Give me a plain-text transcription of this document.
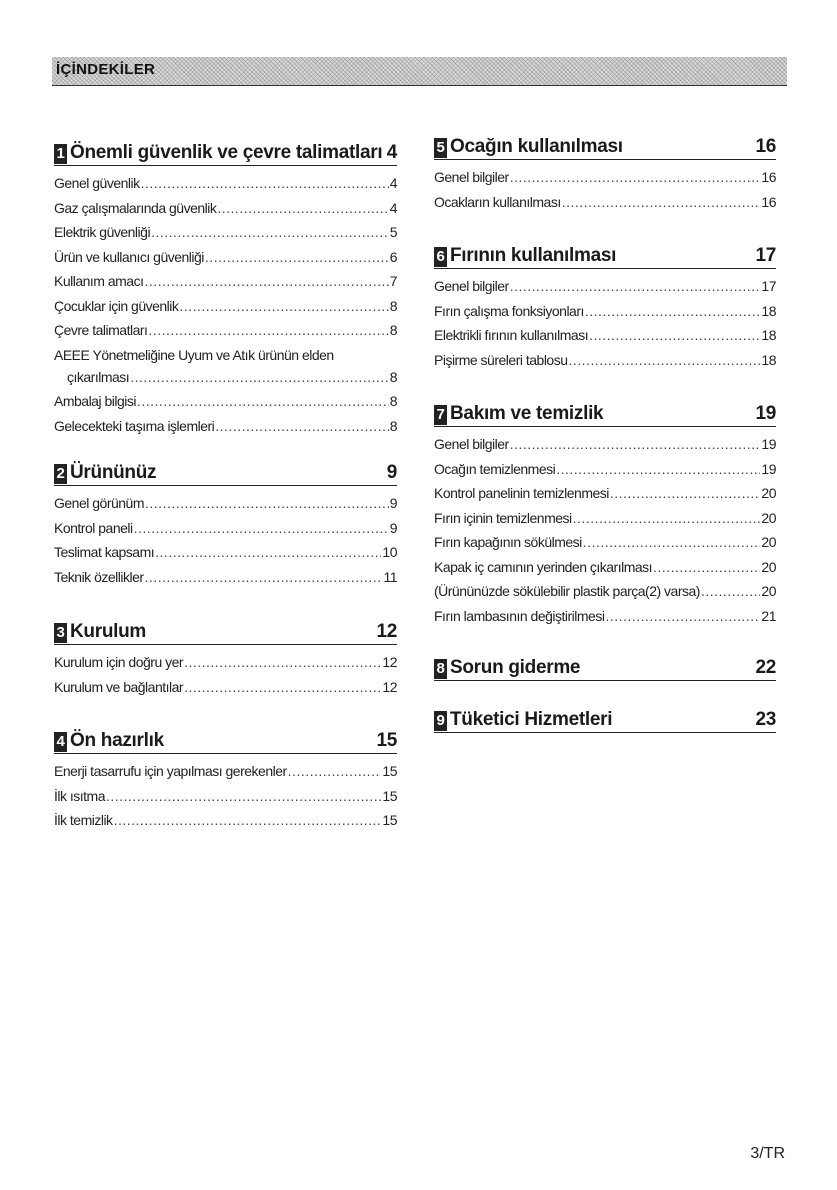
İÇİNDEKİLER
1 Önemli güvenlik ve çevre talimatları 4
Genel güvenlik .....	4
Gaz çalışmalarında güvenlik .....	4
Elektrik güvenliği .....	5
Ürün ve kullanıcı güvenliği .....	6
Kullanım amacı .....	7
Çocuklar için güvenlik .....	8
Çevre talimatları .....	8
AEEE Yönetmeliğine Uyum ve Atık ürünün elden
çıkarılması .....	8
Ambalaj bilgisi .....	8
Gelecekteki taşıma işlemleri .....	8
2 Ürününüz	9
Genel görünüm .....	9
Kontrol paneli .....	9
Teslimat kapsamı .....	10
Teknik özellikler .....	11
3 Kurulum	12
Kurulum için doğru yer .....	12
Kurulum ve bağlantılar .....	12
4 Ön hazırlık	15
Enerji tasarrufu için yapılması gerekenler .....	15
İlk ısıtma .....	15
İlk temizlik .....	15
5 Ocağın kullanılması	16
Genel bilgiler .....	16
Ocakların kullanılması .....	16
6 Fırının kullanılması	17
Genel bilgiler .....	17
Fırın çalışma fonksiyonları .....	18
Elektrikli fırının kullanılması .....	18
Pişirme süreleri tablosu .....	18
7 Bakım ve temizlik	19
Genel bilgiler .....	19
Ocağın temizlenmesi .....	19
Kontrol panelinin temizlenmesi .....	20
Fırın içinin temizlenmesi .....	20
Fırın kapağının sökülmesi .....	20
Kapak iç camının yerinden çıkarılması .....	20
(Ürününüzde sökülebilir plastik parça(2) varsa) .....	20
Fırın lambasının değiştirilmesi .....	21
8 Sorun giderme	22
9 Tüketici Hizmetleri	23
3/TR
